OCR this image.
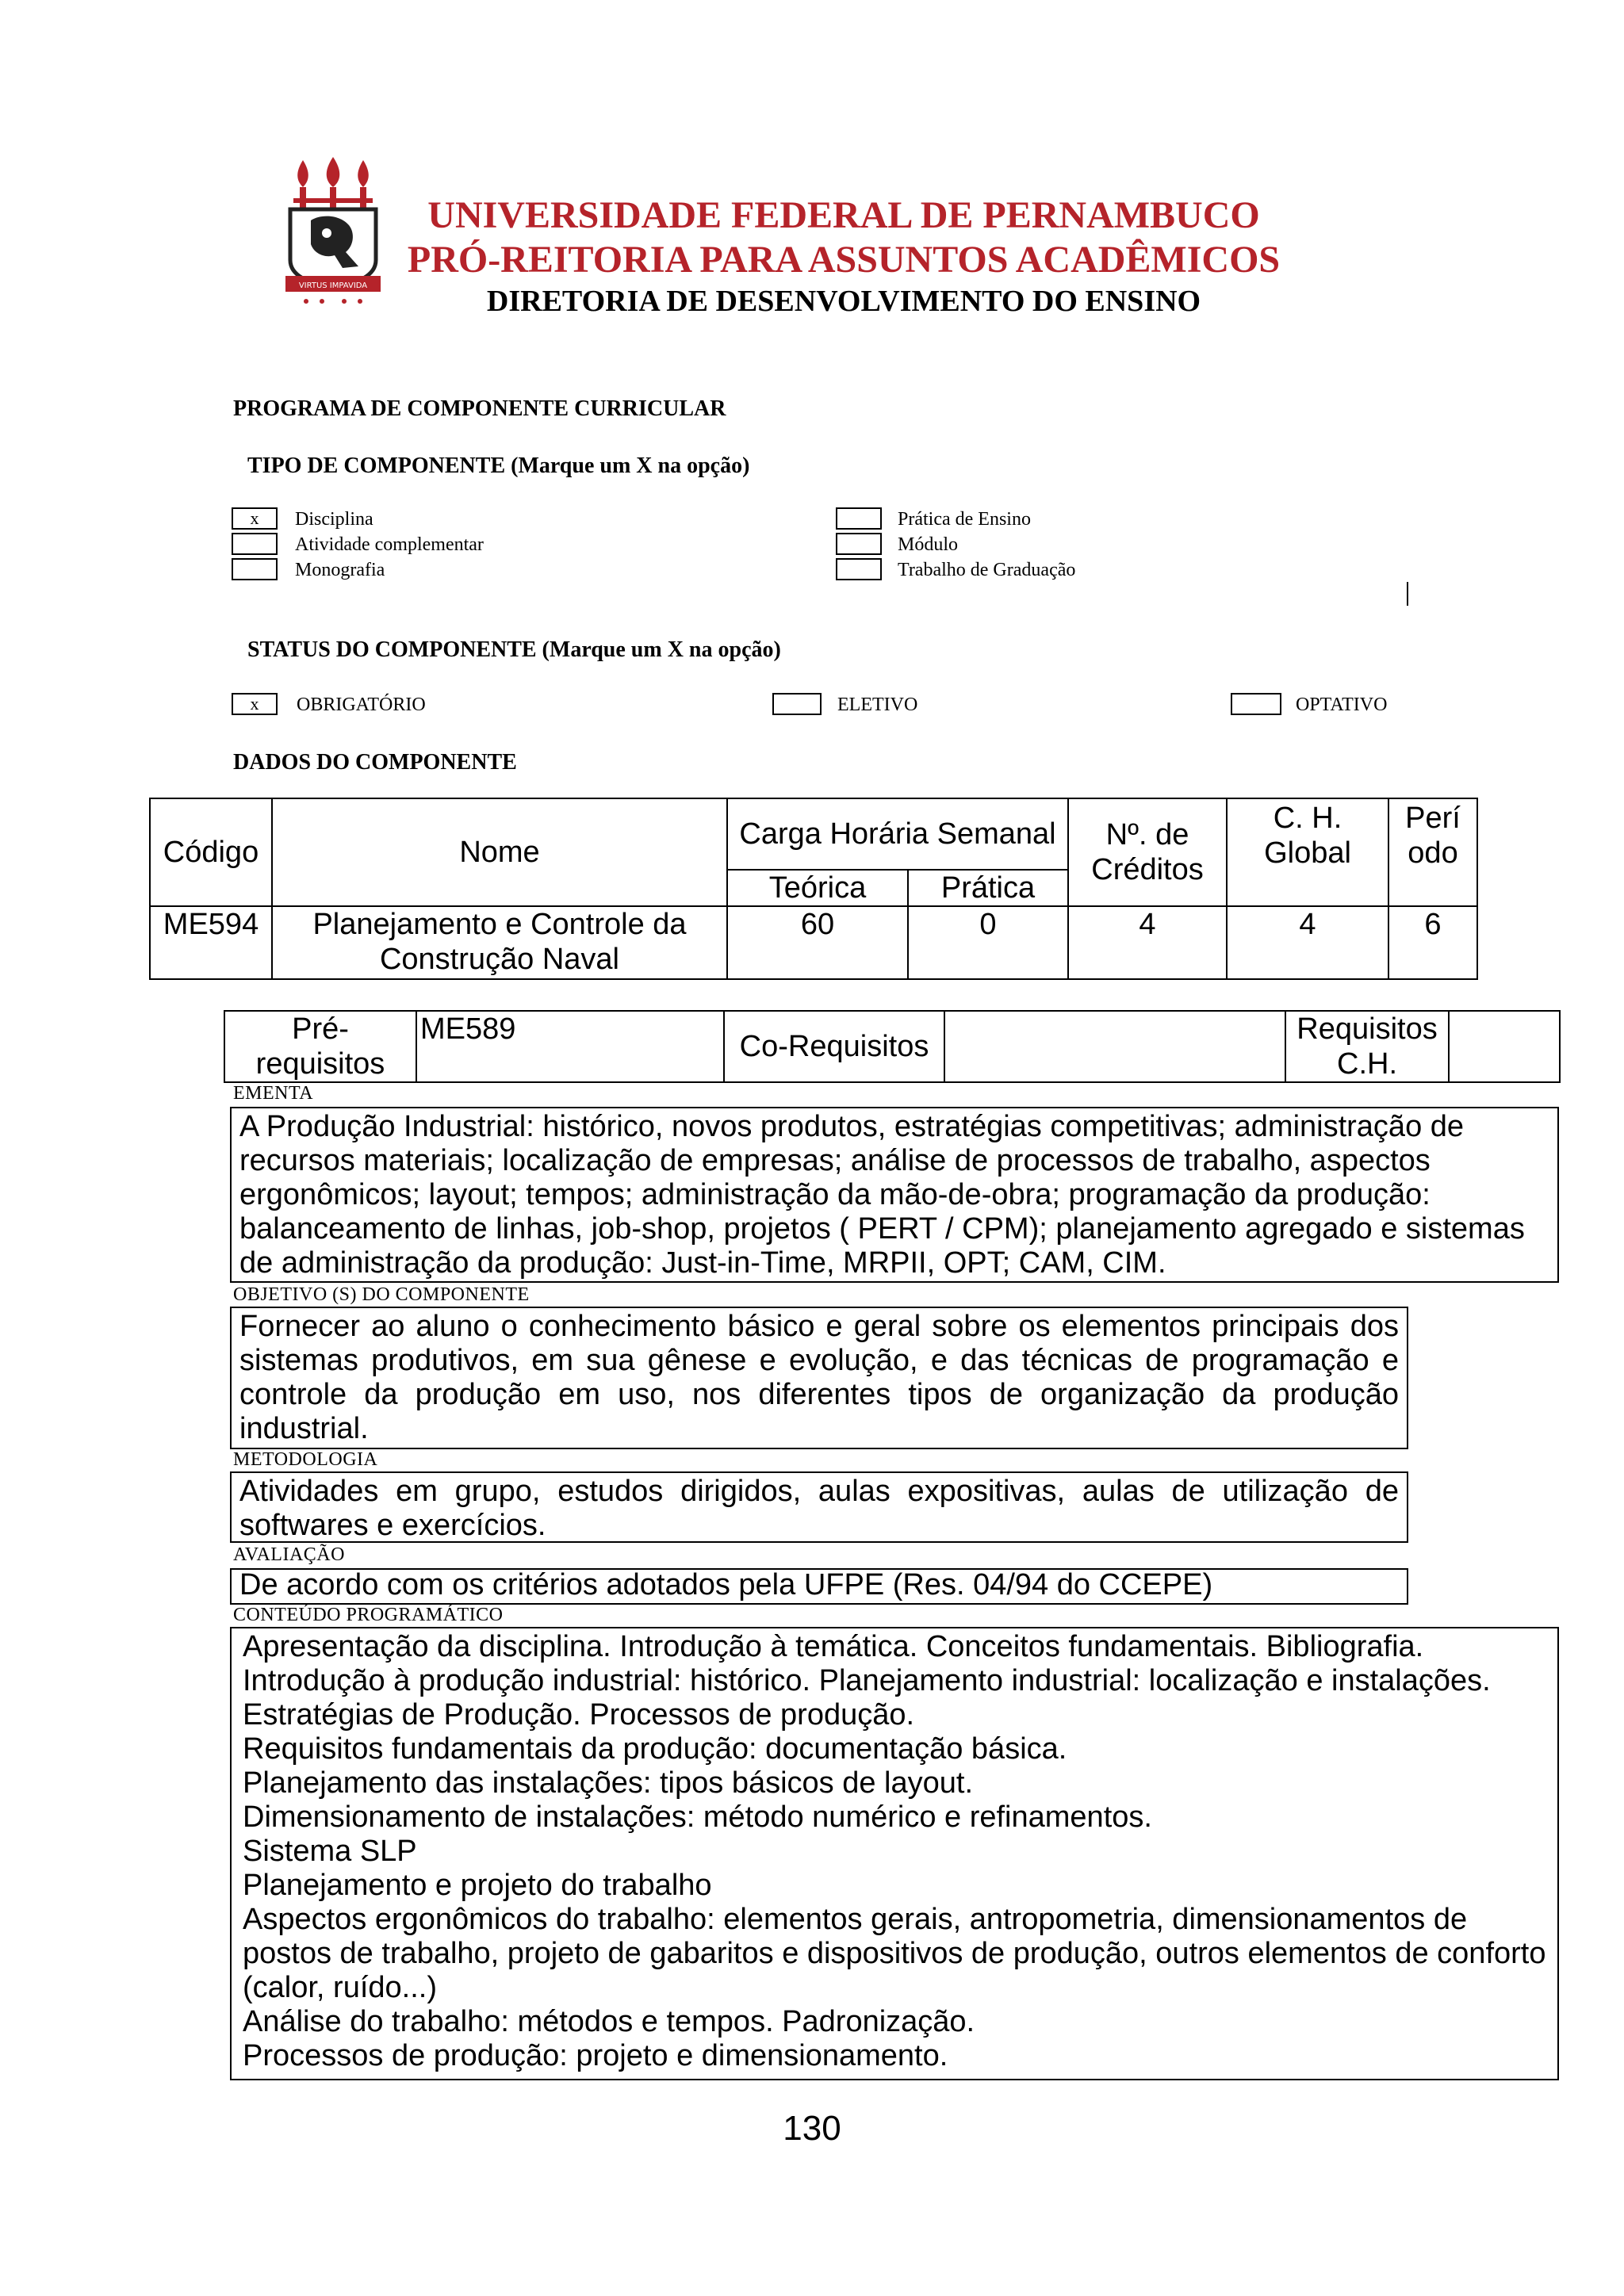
VIRTUS IMPAVIDA
UNIVERSIDADE FEDERAL DE PERNAMBUCO
PRÓ-REITORIA PARA ASSUNTOS ACADÊMICOS
DIRETORIA DE DESENVOLVIMENTO DO ENSINO
PROGRAMA DE COMPONENTE CURRICULAR
TIPO DE COMPONENTE (Marque um X na opção)
x	Disciplina
Atividade complementar
Monografia
Prática de Ensino
Módulo
Trabalho de Graduação
STATUS DO COMPONENTE (Marque um X na opção)
x	OBRIGATÓRIO	ELETIVO	OPTATIVO
DADOS DO COMPONENTE
Código	Nome	Carga Horária Semanal		Nº. de Créditos	C. H. Global	Perí odo
		Teórica	Prática			
ME594	Planejamento e Controle da Construção Naval	60	0	4	4	6
Pré-requisitos	ME589	Co-Requisitos		Requisitos C.H.	
EMENTA

A Produção Industrial: histórico, novos produtos, estratégias competitivas; administração de recursos materiais; localização de empresas; análise de processos de trabalho, aspectos ergonômicos; layout; tempos; administração da mão-de-obra; programação da produção: balanceamento de linhas, job-shop, projetos ( PERT / CPM); planejamento agregado e sistemas de administração da produção: Just-in-Time, MRPII, OPT; CAM, CIM.

OBJETIVO (S) DO COMPONENTE

Fornecer ao aluno o conhecimento básico e geral sobre os elementos principais dos sistemas produtivos, em sua gênese e evolução, e das técnicas de programação e controle da produção em uso, nos diferentes tipos de organização da produção industrial.

METODOLOGIA

Atividades em grupo, estudos dirigidos, aulas expositivas, aulas de utilização de softwares e exercícios.

AVALIAÇÃO

De acordo com os critérios adotados pela UFPE (Res. 04/94 do CCEPE)

CONTEÚDO PROGRAMÁTICO

Apresentação da disciplina. Introdução à temática. Conceitos fundamentais. Bibliografia.

Introdução à produção industrial: histórico. Planejamento industrial: localização e instalações.

Estratégias de Produção. Processos de produção.

Requisitos fundamentais da produção: documentação básica.

Planejamento das instalações: tipos básicos de layout.

Dimensionamento de instalações: método numérico e refinamentos.

Sistema SLP

Planejamento e projeto do trabalho

Aspectos ergonômicos do trabalho: elementos gerais, antropometria, dimensionamentos de postos de trabalho, projeto de gabaritos e dispositivos de produção, outros elementos de conforto (calor, ruído...)

Análise do trabalho: métodos e tempos. Padronização.

Processos de produção: projeto e dimensionamento.

130
